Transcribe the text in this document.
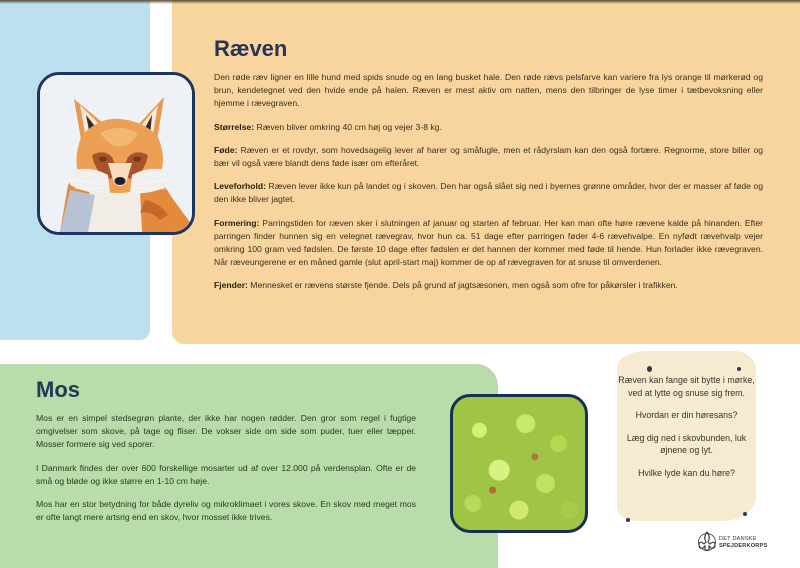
Ræven

Den røde ræv ligner en lille hund med spids snude og en lang busket hale. Den røde rævs pelsfarve kan variere fra lys orange til mørkerød og brun, kendetegnet ved den hvide ende på halen. Ræven er mest aktiv om natten, mens den tilbringer de lyse timer i tætbevoksning eller hjemme i rævegraven.

Størrelse: Ræven bliver omkring 40 cm høj og vejer 3-8 kg.

Føde: Ræven er et rovdyr, som hovedsagelig lever af harer og småfugle, men et rådyrslam kan den også fortære. Regnorme, store biller og bær vil også være blandt dens føde især om efteråret.

Leveforhold: Ræven lever ikke kun på landet og i skoven. Den har også slået sig ned i byernes grønne områder, hvor der er masser af føde og den ikke bliver jagtet.

Formering: Parringstiden for ræven sker i slutningen af januar og starten af februar. Her kan man ofte høre rævene kalde på hinanden. Efter parringen finder hunnen sig en velegnet rævegrav, hvor hun ca. 51 dage efter parringen føder 4-6 rævehvalpe. En nyfødt rævehvalp vejer omkring 100 gram ved fødslen. De første 10 dage efter fødslen er det hannen der kommer med føde til hende. Hun forlader ikke rævegraven. Når ræveungerene er en måned gamle (slut april-start maj) kommer de op af rævegraven for at snuse til omverdenen.

Fjender: Mennesket er rævens største fjende. Dels på grund af jagtsæsonen, men også som ofre for påkørsler i trafikken.

Mos

Mos er en simpel stedsegrøn plante, der ikke har nogen rødder. Den gror som regel i fugtige omgivelser som skove, på tage og fliser. De vokser side om side som puder, tuer eller tæpper. Mosser formere sig ved sporer.

I Danmark findes der over 600 forskellige mosarter ud af over 12.000 på verdensplan. Ofte er de små og bløde og ikke større en 1-10 cm høje.

Mos har en stor betydning for både dyreliv og mikroklimaet i vores skove. En skov med meget mos er ofte langt mere artsrig end en skov, hvor mosset ikke trives.

Ræven kan fange sit bytte i mørke, ved at lytte og snuse sig frem.

Hvordan er din høresans?

Læg dig ned i skovbunden, luk øjnene og lyt.

Hvilke lyde kan du høre?

DET DANSKE
SPEJDERKORPS
